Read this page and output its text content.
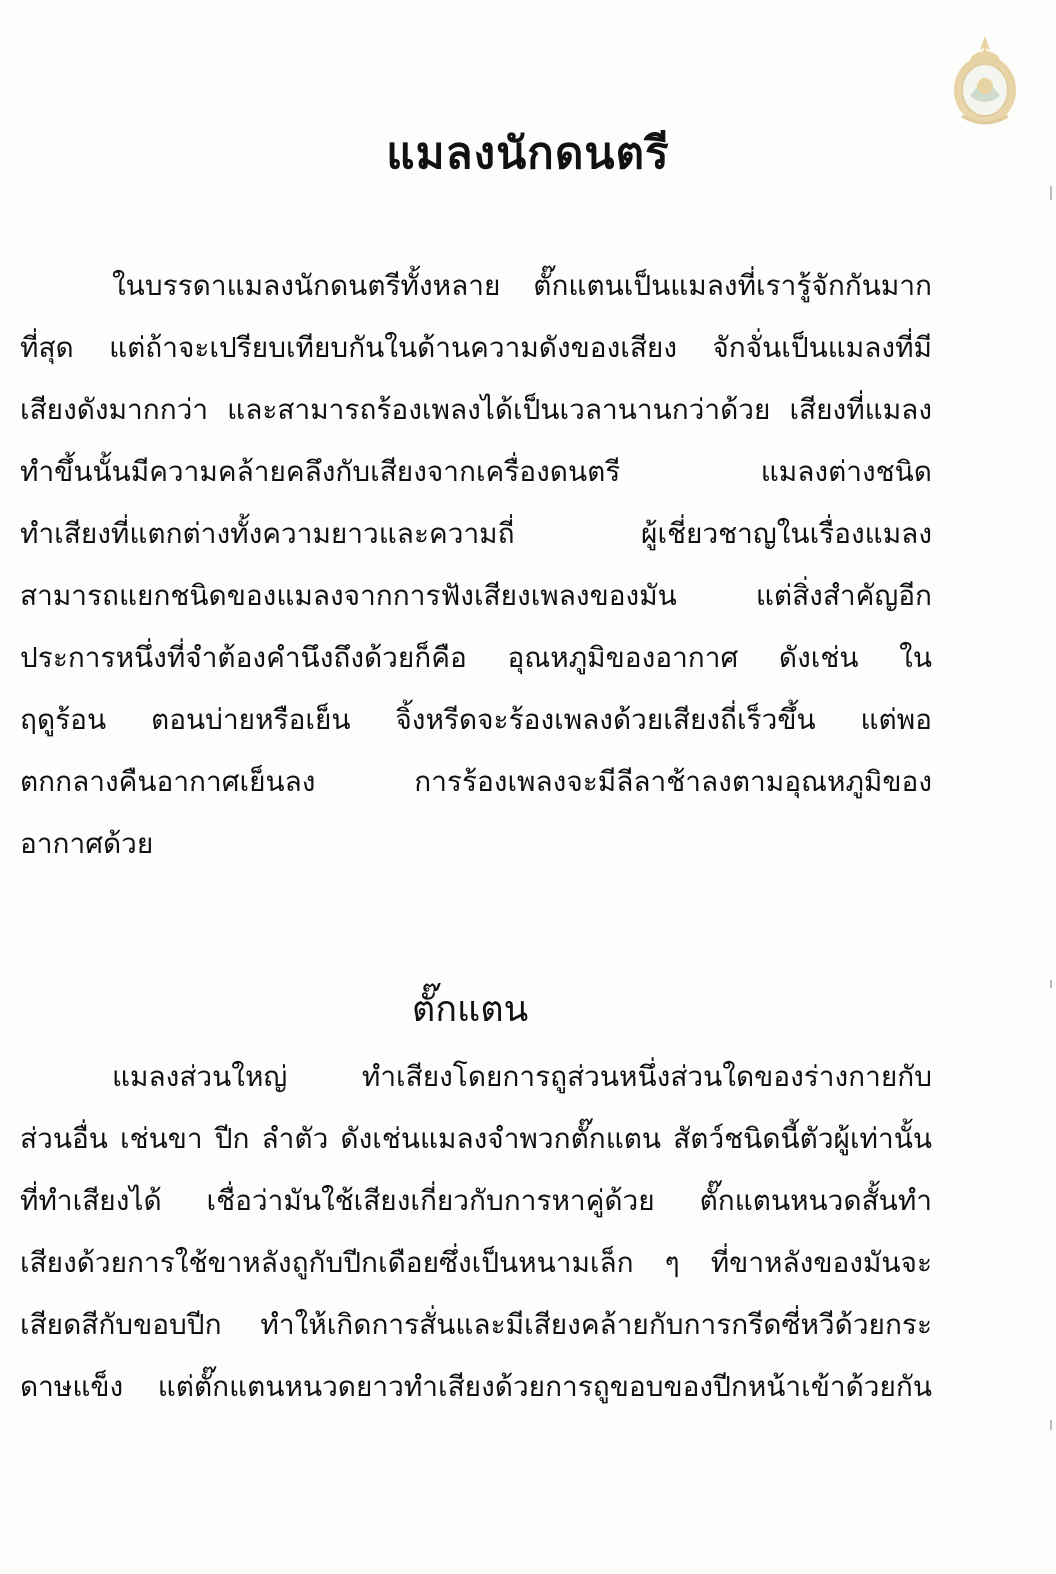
แมลงนักดนตรี
ในบรรดาแมลงนักดนตรีทั้งหลาย ตั๊กแตนเป็นแมลงที่เรารู้จักกันมาก
ที่สุด แต่ถ้าจะเปรียบเทียบกันในด้านความดังของเสียง จักจั่นเป็นแมลงที่มี
เสียงดังมากกว่า และสามารถร้องเพลงได้เป็นเวลานานกว่าด้วย เสียงที่แมลง
ทำขึ้นนั้นมีความคล้ายคลึงกับเสียงจากเครื่องดนตรี แมลงต่างชนิด
ทำเสียงที่แตกต่างทั้งความยาวและความถี่ ผู้เชี่ยวชาญในเรื่องแมลง
สามารถแยกชนิดของแมลงจากการฟังเสียงเพลงของมัน แต่สิ่งสำคัญอีก
ประการหนึ่งที่จำต้องคำนึงถึงด้วยก็คือ อุณหภูมิของอากาศ ดังเช่น ใน
ฤดูร้อน ตอนบ่ายหรือเย็น จิ้งหรีดจะร้องเพลงด้วยเสียงถี่เร็วขึ้น แต่พอ
ตกกลางคืนอากาศเย็นลง การร้องเพลงจะมีลีลาช้าลงตามอุณหภูมิของ
อากาศด้วย
ตั๊กแตน
แมลงส่วนใหญ่ ทำเสียงโดยการถูส่วนหนึ่งส่วนใดของร่างกายกับ
ส่วนอื่น เช่นขา ปีก ลำตัว ดังเช่นแมลงจำพวกตั๊กแตน สัตว์ชนิดนี้ตัวผู้เท่านั้น
ที่ทำเสียงได้ เชื่อว่ามันใช้เสียงเกี่ยวกับการหาคู่ด้วย ตั๊กแตนหนวดสั้นทำ
เสียงด้วยการใช้ขาหลังถูกับปีกเดือยซึ่งเป็นหนามเล็ก ๆ ที่ขาหลังของมันจะ
เสียดสีกับขอบปีก ทำให้เกิดการสั่นและมีเสียงคล้ายกับการกรีดซี่หวีด้วยกระ
ดาษแข็ง แต่ตั๊กแตนหนวดยาวทำเสียงด้วยการถูขอบของปีกหน้าเข้าด้วยกัน
